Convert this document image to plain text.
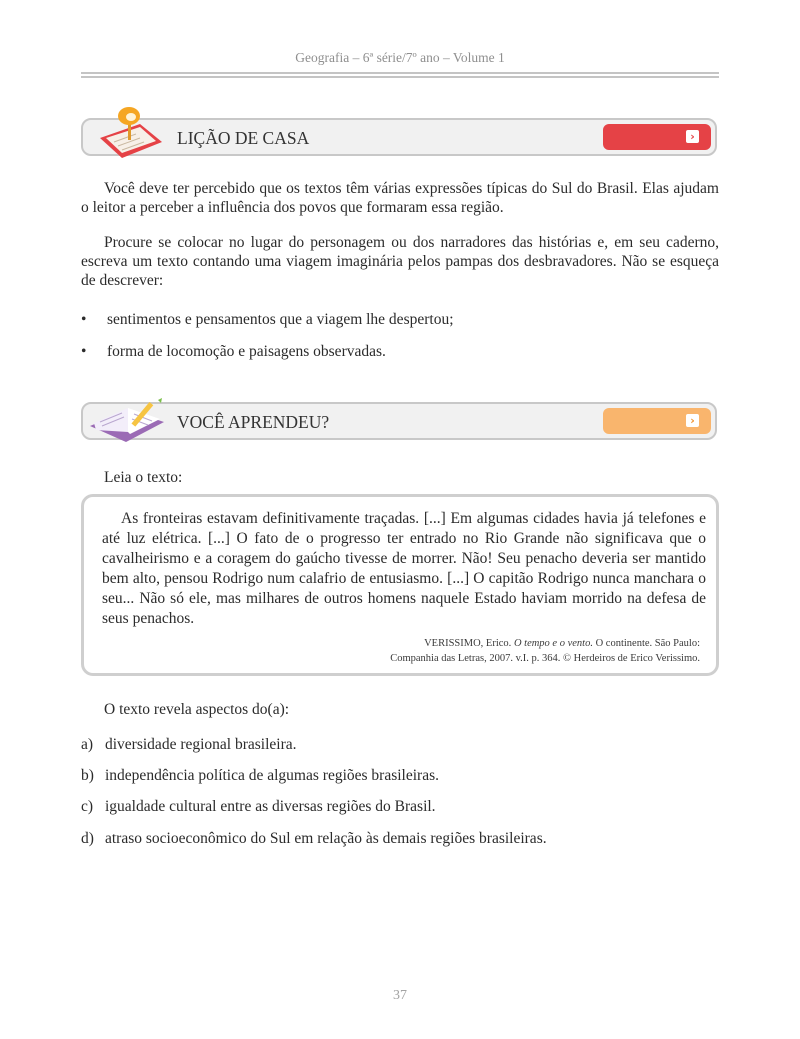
Geografia – 6ª série/7º ano – Volume 1
LIÇÃO DE CASA	›

Você deve ter percebido que os textos têm várias expressões típicas do Sul do Brasil. Elas ajudam o leitor a perceber a influência dos povos que formaram essa região.

Procure se colocar no lugar do personagem ou dos narradores das histórias e, em seu caderno, escreva um texto contando uma viagem imaginária pelos pampas dos desbravadores. Não se esqueça de descrever:

• sentimentos e pensamentos que a viagem lhe despertou;
• forma de locomoção e paisagens observadas.
VOCÊ APRENDEU?	›

Leia o texto:

As fronteiras estavam definitivamente traçadas. [...] Em algumas cidades havia já telefones e até luz elétrica. [...] O fato de o progresso ter entrado no Rio Grande não significava que o cavalheirismo e a coragem do gaúcho tivesse de morrer. Não! Seu penacho deveria ser mantido bem alto, pensou Rodrigo num calafrio de entusiasmo. [...] O capitão Rodrigo nunca manchara o seu... Não só ele, mas milhares de outros homens naquele Estado haviam morrido na defesa de seus penachos.

VERISSIMO, Erico. O tempo e o vento. O continente. São Paulo:
Companhia das Letras, 2007. v.I. p. 364. © Herdeiros de Erico Verissimo.

O texto revela aspectos do(a):

a) diversidade regional brasileira.
b) independência política de algumas regiões brasileiras.
c) igualdade cultural entre as diversas regiões do Brasil.
d) atraso socioeconômico do Sul em relação às demais regiões brasileiras.
37
